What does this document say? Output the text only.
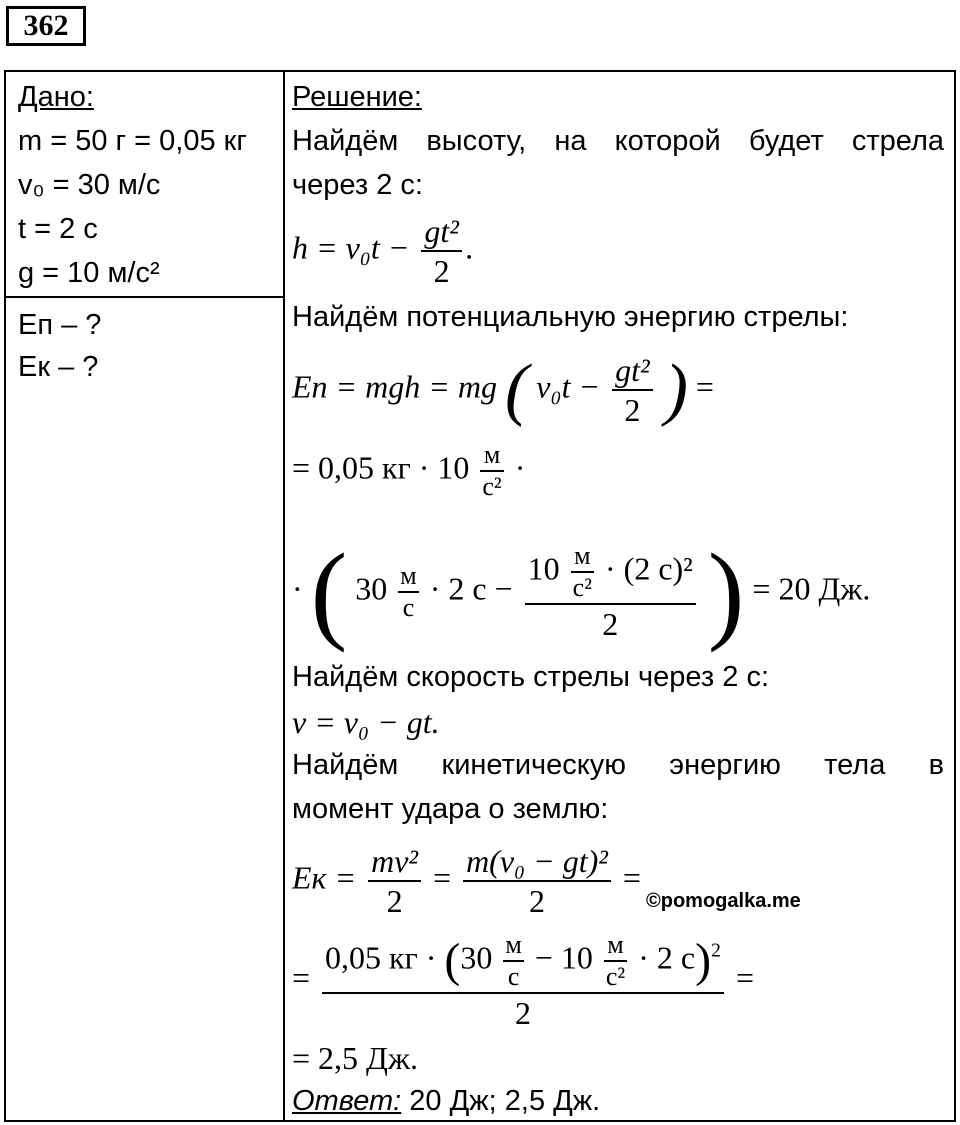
362
Дано:
m = 50 г = 0,05 кг
v₀ = 30 м/с
t = 2 с
g = 10 м/с²
Eп – ?
Eк – ?
Решение:
Найдём высоту, на которой будет стрела
через 2 с:
$h = v_0t - \frac{\text{gt²}}{2}$ .
Найдём потенциальную энергию стрелы:
Eп = mgh = mg ( $v_0t - \frac{\text{gt²}}{2}$ ) =
= 0,05 кг · 10 м
с²
·
· ( 30 м
с
· 2 с −
10 м
с²
· (2 с)²
2 ) = 20 Дж.
Найдём скорость стрелы через 2 с:
v = v₀ − gt.
Найдём кинетическую энергию тела в
момент удара о землю:
Eк = $\frac{\text{mv²}}{2} = \frac{\text{m(v₀ − gt)²}}{2}$ =
©pomogalka.me
=
0,05 кг · (30 м
с
− 10 м
с²
· 2 с)$^2$
2
=
= 2,5 Дж.
Ответ: 20 Дж; 2,5 Дж.
